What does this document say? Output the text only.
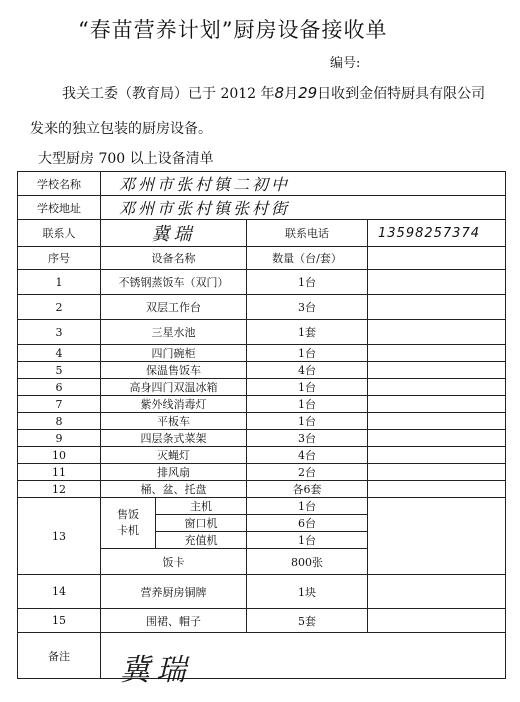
“春苗营养计划”厨房设备接收单
编号:
我关工委（教育局）已于 2012 年8月29日收到金佰特厨具有限公司
发来的独立包装的厨房设备。
大型厨房 700 以上设备清单
学校名称	邓州市张村镇二初中			
学校地址	邓州市张村镇张村街			
联系人	冀瑞		联系电话	13598257374
序号	设备名称		数量（台/套）	
1	不锈钢蒸饭车（双门）		1台	
2	双层工作台		3台	
3	三星水池		1套	
4	四门碗柜		1台	
5	保温售饭车		4台	
6	高身四门双温冰箱		1台	
7	紫外线消毒灯		1台	
8	平板车		1台	
9	四层条式菜架		3台	
10	灭蝇灯		4台	
11	排风扇		2台	
12	桶、盆、托盘		各6套	
13	售饭卡机	主机	1台	
		窗口机	6台	
		充值机	1台	
	饭卡		800张	
14	营养厨房铜牌		1块	
15	围裙、帽子		5套	
备注				冀瑞
